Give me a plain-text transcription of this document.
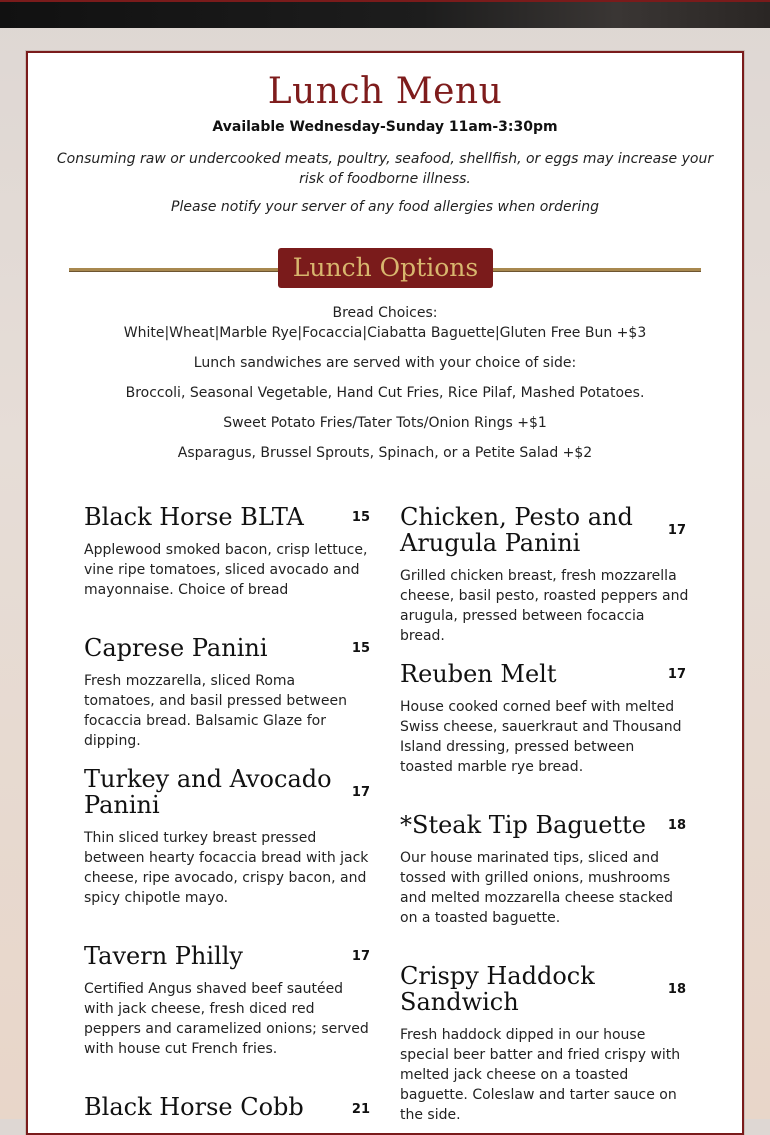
Lunch Menu
Available Wednesday-Sunday 11am-3:30pm
Consuming raw or undercooked meats, poultry, seafood, shellfish, or eggs may increase your risk of foodborne illness.
Please notify your server of any food allergies when ordering
Lunch Options
Bread Choices:
White|Wheat|Marble Rye|Focaccia|Ciabatta Baguette|Gluten Free Bun +$3
Lunch sandwiches are served with your choice of side:
Broccoli, Seasonal Vegetable, Hand Cut Fries, Rice Pilaf, Mashed Potatoes.
Sweet Potato Fries/Tater Tots/Onion Rings +$1
Asparagus, Brussel Sprouts, Spinach, or a Petite Salad +$2
Black Horse BLTA	15
Applewood smoked bacon, crisp lettuce, vine ripe tomatoes, sliced avocado and mayonnaise. Choice of bread
Caprese Panini	15
Fresh mozzarella, sliced Roma tomatoes, and basil pressed between focaccia bread. Balsamic Glaze for dipping.
Turkey and Avocado Panini	17
Thin sliced turkey breast pressed between hearty focaccia bread with jack cheese, ripe avocado, crispy bacon, and spicy chipotle mayo.
Tavern Philly	17
Certified Angus shaved beef sautéed with jack cheese, fresh diced red peppers and caramelized onions; served with house cut French fries.
Black Horse Cobb	21
Chicken, Pesto and Arugula Panini	17
Grilled chicken breast, fresh mozzarella cheese, basil pesto, roasted peppers and arugula, pressed between focaccia bread.
Reuben Melt	17
House cooked corned beef with melted Swiss cheese, sauerkraut and Thousand Island dressing, pressed between toasted marble rye bread.
*Steak Tip Baguette	18
Our house marinated tips, sliced and tossed with grilled onions, mushrooms and melted mozzarella cheese stacked on a toasted baguette.
Crispy Haddock Sandwich	18
Fresh haddock dipped in our house special beer batter and fried crispy with melted jack cheese on a toasted baguette. Coleslaw and tarter sauce on the side.
